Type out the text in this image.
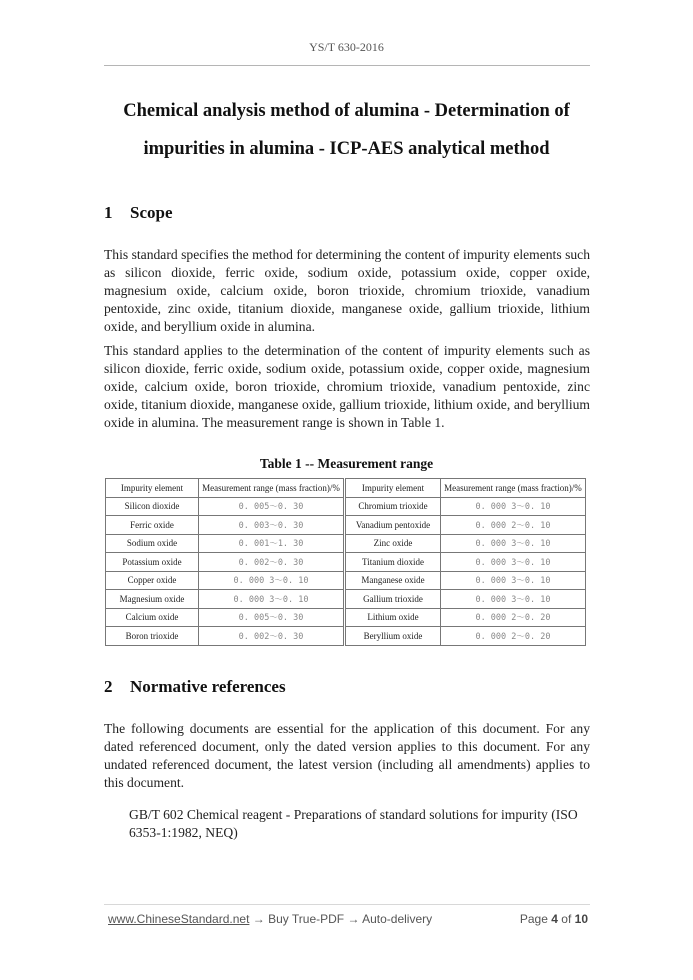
YS/T 630-2016
Chemical analysis method of alumina - Determination of
impurities in alumina - ICP-AES analytical method
1 Scope
This standard specifies the method for determining the content of impurity elements such as silicon dioxide, ferric oxide, sodium oxide, potassium oxide, copper oxide, magnesium oxide, calcium oxide, boron trioxide, chromium trioxide, vanadium pentoxide, zinc oxide, titanium dioxide, manganese oxide, gallium trioxide, lithium oxide, and beryllium oxide in alumina.
This standard applies to the determination of the content of impurity elements such as silicon dioxide, ferric oxide, sodium oxide, potassium oxide, copper oxide, magnesium oxide, calcium oxide, boron trioxide, chromium trioxide, vanadium pentoxide, zinc oxide, titanium dioxide, manganese oxide, gallium trioxide, lithium oxide, and beryllium oxide in alumina. The measurement range is shown in Table 1.
Table 1 -- Measurement range
Impurity element	Measurement range (mass fraction)/%	Impurity element	Measurement range (mass fraction)/%
Silicon dioxide	0. 005～0. 30	Chromium trioxide	0. 000 3～0. 10
Ferric oxide	0. 003～0. 30	Vanadium pentoxide	0. 000 2～0. 10
Sodium oxide	0. 001～1. 30	Zinc oxide	0. 000 3～0. 10
Potassium oxide	0. 002～0. 30	Titanium dioxide	0. 000 3～0. 10
Copper oxide	0. 000 3～0. 10	Manganese oxide	0. 000 3～0. 10
Magnesium oxide	0. 000 3～0. 10	Gallium trioxide	0. 000 3～0. 10
Calcium oxide	0. 005～0. 30	Lithium oxide	0. 000 2～0. 20
Boron trioxide	0. 002～0. 30	Beryllium oxide	0. 000 2～0. 20
2 Normative references
The following documents are essential for the application of this document. For any dated referenced document, only the dated version applies to this document. For any undated referenced document, the latest version (including all amendments) applies to this document.
GB/T 602 Chemical reagent - Preparations of standard solutions for impurity (ISO 6353-1:1982, NEQ)
www.ChineseStandard.net → Buy True-PDF → Auto-delivery	Page 4 of 10
